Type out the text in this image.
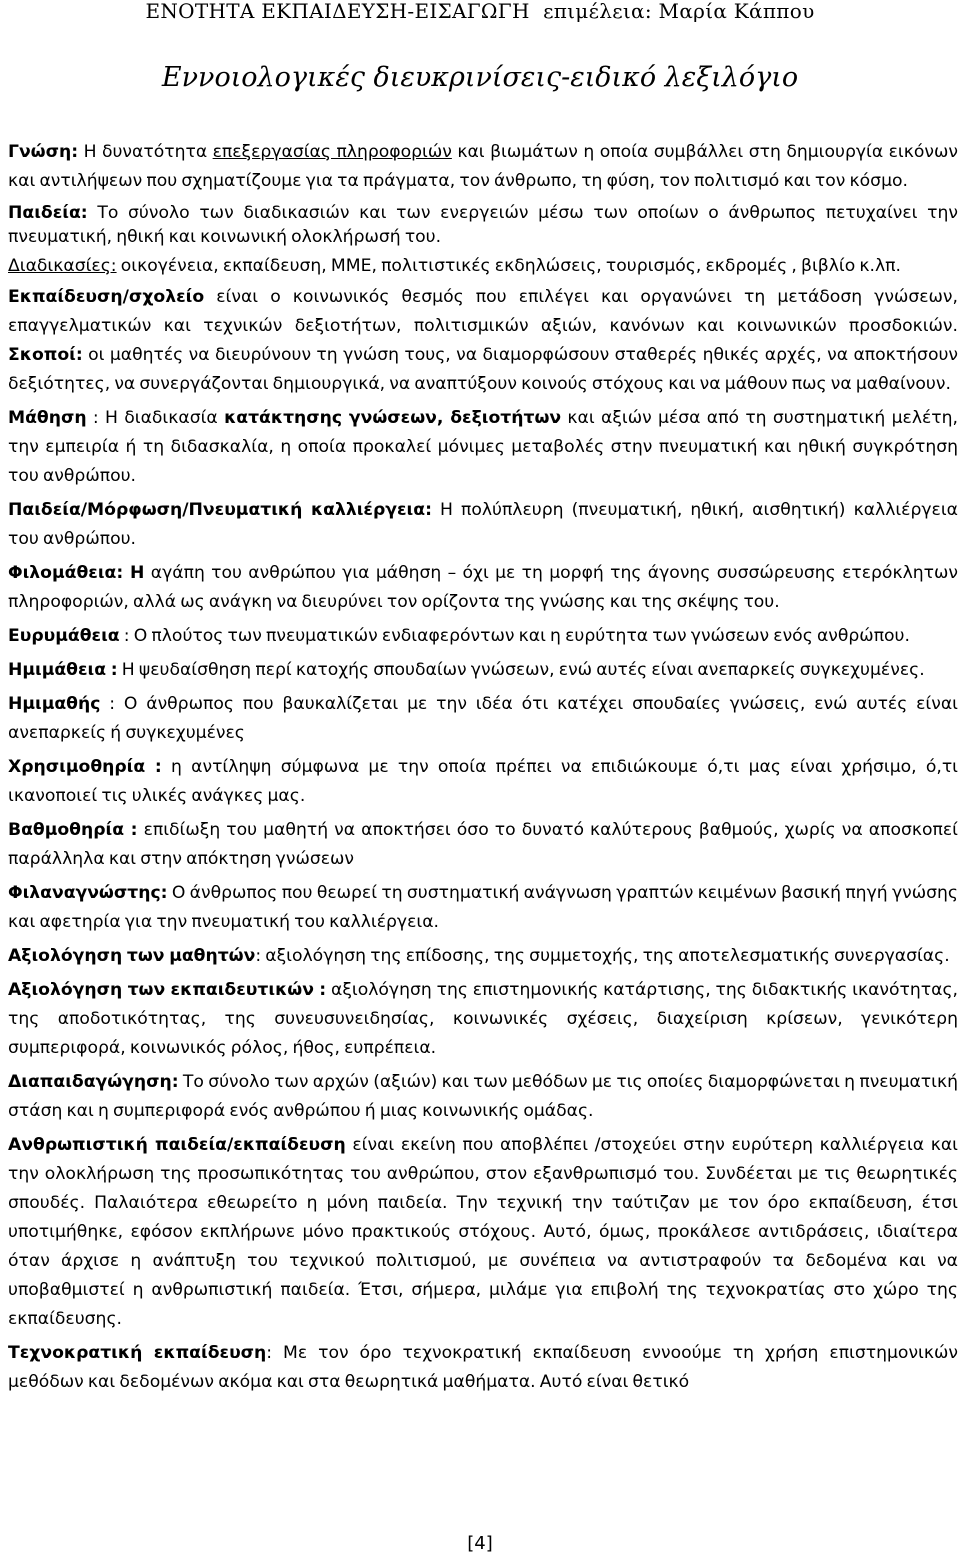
ΕΝΟΤΗΤΑ ΕΚΠΑΙΔΕΥΣΗ-ΕΙΣΑΓΩΓΗ επιμέλεια: Μαρία Κάππου
Εννοιολογικές διευκρινίσεις-ειδικό λεξιλόγιο

Γνώση: Η δυνατότητα επεξεργασίας πληροφοριών και βιωμάτων η οποία συμβάλλει στη δημιουργία εικόνων και αντιλήψεων που σχηματίζουμε για τα πράγματα, τον άνθρωπο, τη φύση, τον πολιτισμό και τον κόσμο.

Παιδεία: Το σύνολο των διαδικασιών και των ενεργειών μέσω των οποίων ο άνθρωπος πετυχαίνει την πνευματική, ηθική και κοινωνική ολοκλήρωσή του.

Διαδικασίες: οικογένεια, εκπαίδευση, ΜΜΕ, πολιτιστικές εκδηλώσεις, τουρισμός, εκδρομές , βιβλίο κ.λπ.

Εκπαίδευση/σχολείο είναι ο κοινωνικός θεσμός που επιλέγει και οργανώνει τη μετάδοση γνώσεων, επαγγελματικών και τεχνικών δεξιοτήτων, πολιτισμικών αξιών, κανόνων και κοινωνικών προσδοκιών. Σκοποί: οι μαθητές να διευρύνουν τη γνώση τους, να διαμορφώσουν σταθερές ηθικές αρχές, να αποκτήσουν δεξιότητες, να συνεργάζονται δημιουργικά, να αναπτύξουν κοινούς στόχους και να μάθουν πως να μαθαίνουν.

Μάθηση : Η διαδικασία κατάκτησης γνώσεων, δεξιοτήτων και αξιών μέσα από τη συστηματική μελέτη, την εμπειρία ή τη διδασκαλία, η οποία προκαλεί μόνιμες μεταβολές στην πνευματική και ηθική συγκρότηση του ανθρώπου.

Παιδεία/Μόρφωση/Πνευματική καλλιέργεια: Η πολύπλευρη (πνευματική, ηθική, αισθητική) καλλιέργεια του ανθρώπου.

Φιλομάθεια: Η αγάπη του ανθρώπου για μάθηση – όχι με τη μορφή της άγονης συσσώρευσης ετερόκλητων πληροφοριών, αλλά ως ανάγκη να διευρύνει τον ορίζοντα της γνώσης και της σκέψης του.

Ευρυμάθεια : Ο πλούτος των πνευματικών ενδιαφερόντων και η ευρύτητα των γνώσεων ενός ανθρώπου.

Ημιμάθεια : Η ψευδαίσθηση περί κατοχής σπουδαίων γνώσεων, ενώ αυτές είναι ανεπαρκείς συγκεχυμένες.

Ημιμαθής : Ο άνθρωπος που βαυκαλίζεται με την ιδέα ότι κατέχει σπουδαίες γνώσεις, ενώ αυτές είναι ανεπαρκείς ή συγκεχυμένες

Χρησιμοθηρία : η αντίληψη σύμφωνα με την οποία πρέπει να επιδιώκουμε ό,τι μας είναι χρήσιμο, ό,τι ικανοποιεί τις υλικές ανάγκες μας.

Βαθμοθηρία : επιδίωξη του μαθητή να αποκτήσει όσο το δυνατό καλύτερους βαθμούς, χωρίς να αποσκοπεί παράλληλα και στην απόκτηση γνώσεων

Φιλαναγνώστης: Ο άνθρωπος που θεωρεί τη συστηματική ανάγνωση γραπτών κειμένων βασική πηγή γνώσης και αφετηρία για την πνευματική του καλλιέργεια.

Αξιολόγηση των μαθητών: αξιολόγηση της επίδοσης, της συμμετοχής, της αποτελεσματικής συνεργασίας.

Αξιολόγηση των εκπαιδευτικών : αξιολόγηση της επιστημονικής κατάρτισης, της διδακτικής ικανότητας, της αποδοτικότητας, της συνευσυνειδησίας, κοινωνικές σχέσεις, διαχείριση κρίσεων, γενικότερη συμπεριφορά, κοινωνικός ρόλος, ήθος, ευπρέπεια.

Διαπαιδαγώγηση: Το σύνολο των αρχών (αξιών) και των μεθόδων με τις οποίες διαμορφώνεται η πνευματική στάση και η συμπεριφορά ενός ανθρώπου ή μιας κοινωνικής ομάδας.

Ανθρωπιστική παιδεία/εκπαίδευση είναι εκείνη που αποβλέπει /στοχεύει στην ευρύτερη καλλιέργεια και την ολοκλήρωση της προσωπικότητας του ανθρώπου, στον εξανθρωπισμό του. Συνδέεται με τις θεωρητικές σπουδές. Παλαιότερα εθεωρείτο η μόνη παιδεία. Την τεχνική την ταύτιζαν με τον όρο εκπαίδευση, έτσι υποτιμήθηκε, εφόσον εκπλήρωνε μόνο πρακτικούς στόχους. Αυτό, όμως, προκάλεσε αντιδράσεις, ιδιαίτερα όταν άρχισε η ανάπτυξη του τεχνικού πολιτισμού, με συνέπεια να αντιστραφούν τα δεδομένα και να υποβαθμιστεί η ανθρωπιστική παιδεία. Έτσι, σήμερα, μιλάμε για επιβολή της τεχνοκρατίας στο χώρο της εκπαίδευσης.

Τεχνοκρατική εκπαίδευση: Με τον όρο τεχνοκρατική εκπαίδευση εννοούμε τη χρήση επιστημονικών μεθόδων και δεδομένων ακόμα και στα θεωρητικά μαθήματα. Αυτό είναι θετικό

[4]
